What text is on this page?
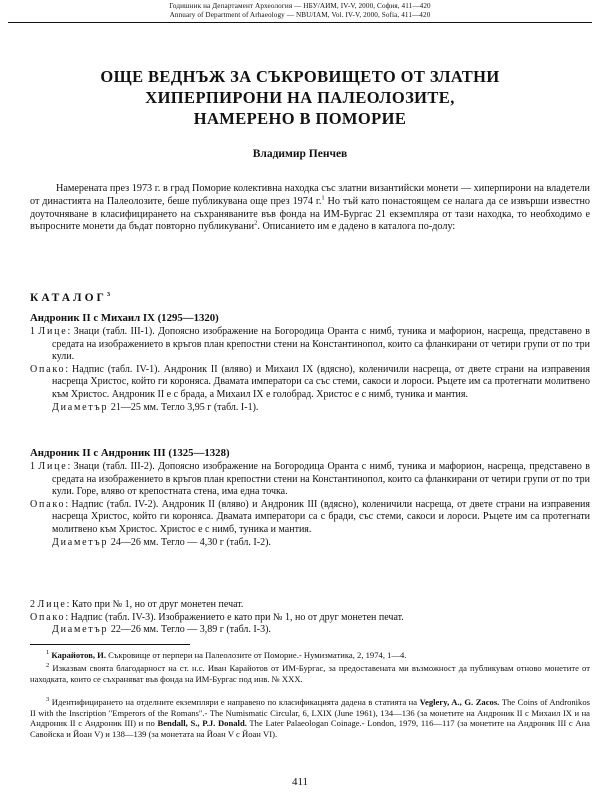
Годишник на Департамент Археология — НБУ/АИМ, IV-V, 2000, София, 411—420
Annuary of Department of Arhaeology — NBU/IAM, Vol. IV-V, 2000, Sofia, 411—420
ОЩЕ ВЕДНЪЖ ЗА СЪКРОВИЩЕТО ОТ ЗЛАТНИ
ХИПЕРПИРОНИ НА ПАЛЕОЛОЗИТЕ,
НАМЕРЕНО В ПОМОРИЕ
Владимир Пенчев
Намерената през 1973 г. в град Поморие колективна находка със златни византийски монети — хиперпирони на владетели от династията на Палеолозите, беше публикувана още през 1974 г.$^1$ Но тъй като понастоящем се налага да се извърши известно доуточняване в класифицирането на съхраняваните във фонда на ИМ-Бургас 21 екземпляра от тази находка, то необходимо е въпросните монети да бъдат повторно публикувани$^2$. Описанието им е дадено в каталога по-долу:
КАТАЛОГ$^3$
Андроник II с Михаил IX (1295—1320)
1 Лице: Знаци (табл. III-1). Допоясно изображение на Богородица Оранта с нимб, туника и мафорион, насреща, представено в средата на изображението в кръгов план крепостни стени на Константинопол, които са фланкирани от четири групи от по три кули.
Опако: Надпис (табл. IV-1). Андроник II (вляво) и Михаил IX (вдясно), коленичили насреща, от двете страни на изправения насреща Христос, който ги короняса. Двамата императори са със стеми, сакоси и лороси. Ръцете им са протегнати молитвено към Христос. Андроник II е с брада, а Михаил IX е голобрад. Христос е с нимб, туника и мантия.
Диаметър 21—25 мм. Тегло 3,95 г (табл. I-1).
Андроник II с Андроник III (1325—1328)
1 Лице: Знаци (табл. III-2). Допоясно изображение на Богородица Оранта с нимб, туника и мафорион, насреща, представено в средата на изображението в кръгов план крепостни стени на Константинопол, които са фланкирани от четири групи от по три кули. Горе, вляво от крепостната стена, има една точка.
Опако: Надпис (табл. IV-2). Андроник II (вляво) и Андроник III (вдясно), коленичили насреща, от двете страни на изправения насреща Христос, който ги короняса. Двамата императори са с бради, със стеми, сакоси и лороси. Ръцете им са протегнати молитвено към Христос. Христос е с нимб, туника и мантия.
Диаметър 24—26 мм. Тегло — 4,30 г (табл. I-2).
2 Лице: Като при № 1, но от друг монетен печат.
Опако: Надпис (табл. IV-3). Изображението е като при № 1, но от друг монетен печат.
Диаметър 22—26 мм. Тегло — 3,89 г (табл. I-3).
$^1$ Карайотов, И. Съкровище от перпери на Палеолозите от Поморие.- Нумизматика, 2, 1974, 1—4.
$^2$ Изказвам своята благодарност на ст. н.с. Иван Карайотов от ИМ-Бургас, за предоставената ми възможност да публикувам отново монетите от находката, които се съхраняват във фонда на ИМ-Бургас под инв. № XXX.
$^3$ Идентифицирането на отделните екземпляри е направено по класификацията дадена в статията на Vegleгy, A., G. Zacos. The Coins of Andronikos II with the Inscription "Emperors of the Romans".- The Numismatic Circular, 6, LXIX (June 1961), 134—136 (за монетите на Андроник II с Михаил IX и на Андроник II с Андроник III) и по Bendall, S., P.J. Donald. The Later Palaeologan Coinage.- London, 1979, 116—117 (за монетите на Андроник III с Ана Савойска и Йоан V) и 138—139 (за монетата на Йоан V с Йоан VI).
411
